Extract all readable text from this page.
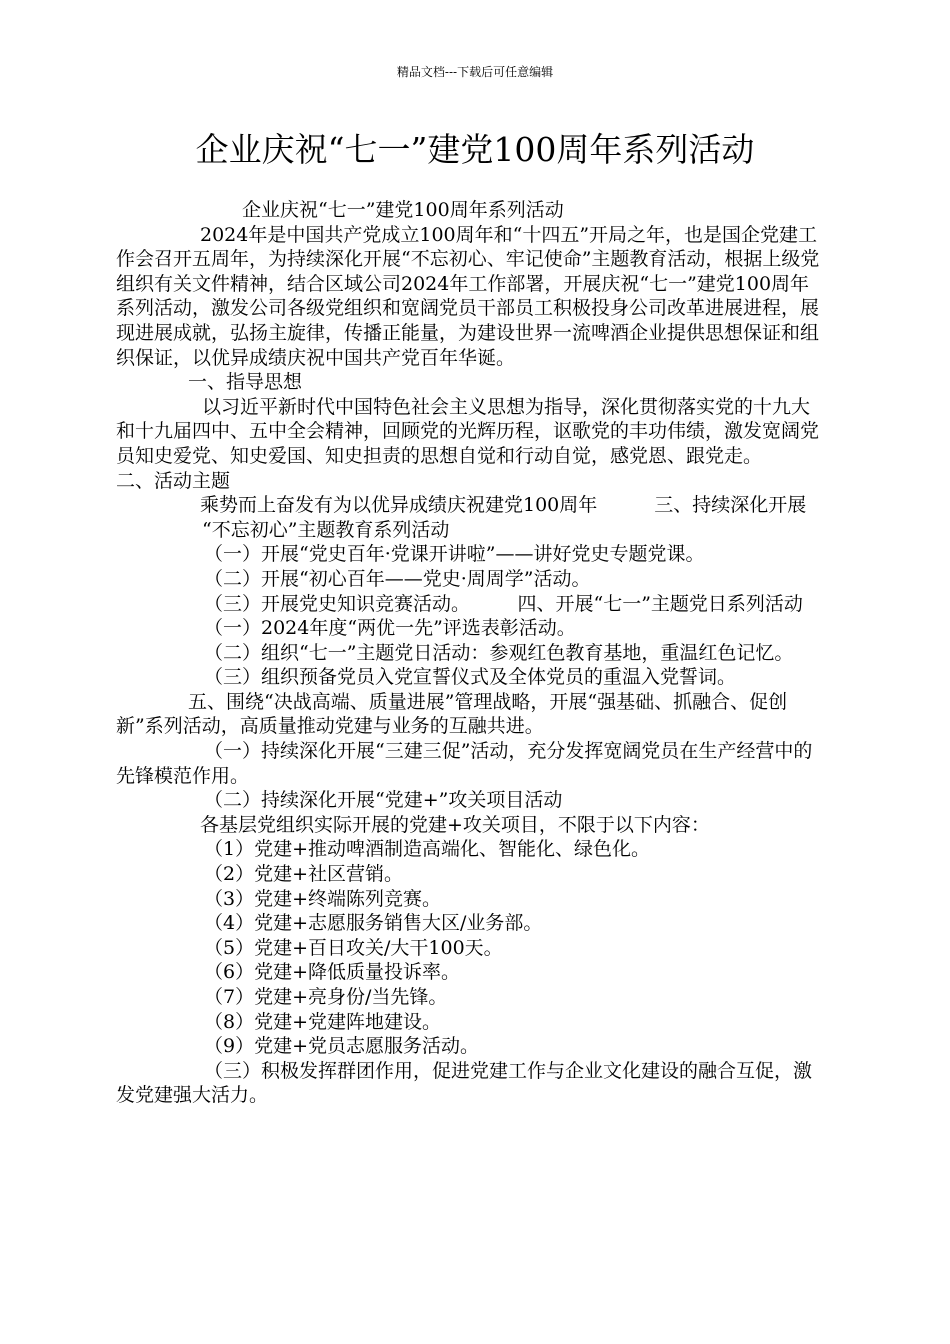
精品文档---下载后可任意编辑
企业庆祝“七一”建党100周年系列活动

企业庆祝“七一”建党100周年系列活动

2024年是中国共产党成立100周年和“十四五”开局之年，也是国企党建工作会召开五周年，为持续深化开展“不忘初心、牢记使命”主题教育活动，根据上级党组织有关文件精神，结合区域公司2024年工作部署，开展庆祝“七一”建党100周年系列活动，激发公司各级党组织和宽阔党员干部员工积极投身公司改革进展进程，展现进展成就，弘扬主旋律，传播正能量，为建设世界一流啤酒企业提供思想保证和组织保证，以优异成绩庆祝中国共产党百年华诞。

一、指导思想

以习近平新时代中国特色社会主义思想为指导，深化贯彻落实党的十九大和十九届四中、五中全会精神，回顾党的光辉历程，讴歌党的丰功伟绩，激发宽阔党员知史爱党、知史爱国、知史担责的思想自觉和行动自觉，感党恩、跟党走。　　　二、活动主题

乘势而上奋发有为以优异成绩庆祝建党100周年　　　三、持续深化开展

“不忘初心”主题教育系列活动

（一）开展“党史百年·党课开讲啦”——讲好党史专题党课。

（二）开展“初心百年——党史·周周学”活动。

（三）开展党史知识竞赛活动。　　　四、开展“七一”主题党日系列活动

（一）2024年度“两优一先”评选表彰活动。

（二）组织“七一”主题党日活动：参观红色教育基地，重温红色记忆。

（三）组织预备党员入党宣誓仪式及全体党员的重温入党誓词。

五、围绕“决战高端、质量进展”管理战略，开展“强基础、抓融合、促创新”系列活动，高质量推动党建与业务的互融共进。

（一）持续深化开展“三建三促”活动，充分发挥宽阔党员在生产经营中的先锋模范作用。

（二）持续深化开展“党建+”攻关项目活动

各基层党组织实际开展的党建+攻关项目，不限于以下内容：

（1）党建+推动啤酒制造高端化、智能化、绿色化。

（2）党建+社区营销。

（3）党建+终端陈列竞赛。

（4）党建+志愿服务销售大区/业务部。

（5）党建+百日攻关/大干100天。

（6）党建+降低质量投诉率。

（7）党建+亮身份/当先锋。

（8）党建+党建阵地建设。

（9）党建+党员志愿服务活动。

（三）积极发挥群团作用，促进党建工作与企业文化建设的融合互促，激发党建强大活力。
